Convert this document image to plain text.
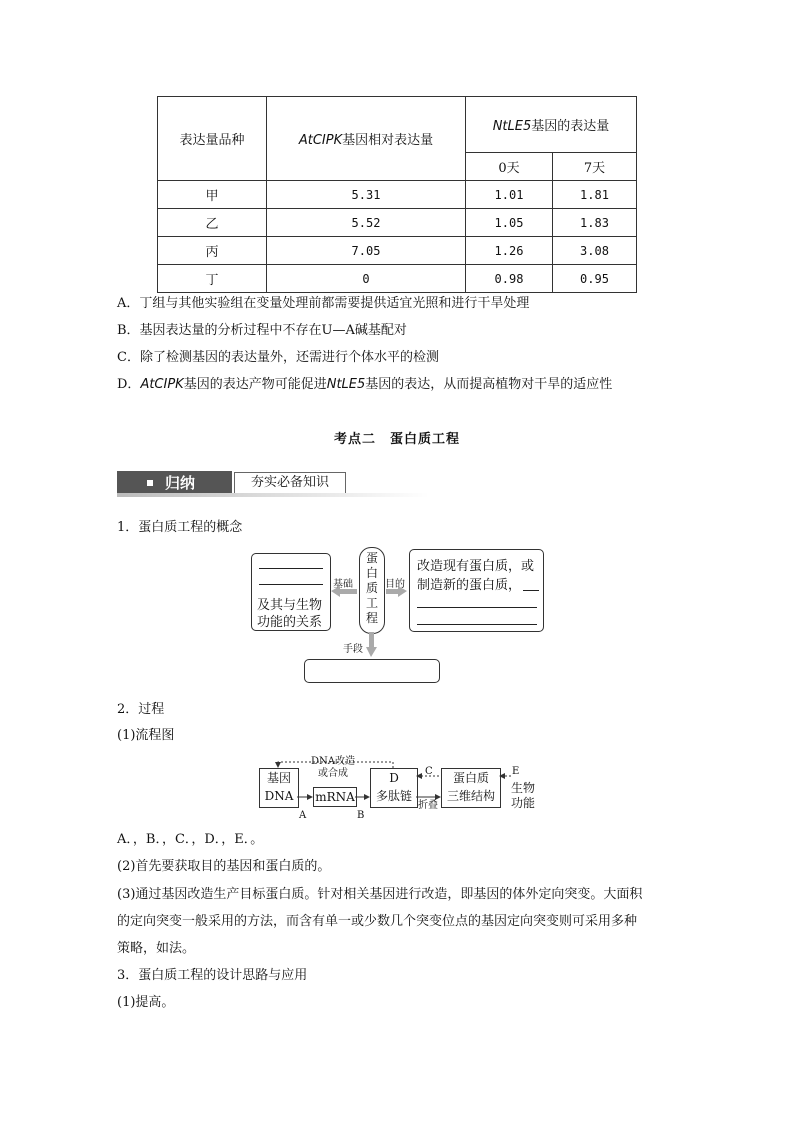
表达量品种	AtCIPK基因相对表达量	NtLE5基因的表达量	
		0天	7天
甲	5.31	1.01	1.81
乙	5.52	1.05	1.83
丙	7.05	1.26	3.08
丁	0	0.98	0.95
A．丁组与其他实验组在变量处理前都需要提供适宜光照和进行干旱处理
B．基因表达量的分析过程中不存在U—A碱基配对
C．除了检测基因的表达量外，还需进行个体水平的检测
D．AtCIPK基因的表达产物可能促进NtLE5基因的表达，从而提高植物对干旱的适应性
考点二　蛋白质工程
归纳	夯实必备知识
1．蛋白质工程的概念
及其与生物
功能的关系
蛋
白
质
工
程
基础	目的
手段
改造现有蛋白质，或
制造新的蛋白质，
2．过程
(1)流程图
基因
DNA	mRNA
D
多肽链
蛋白质
三维结构
DNA改造
或合成
A	B
C	E
折叠
生物
功能
A．，B．，C．，D．，E．。
(2)首先要获取目的基因和蛋白质的。
(3)通过基因改造生产目标蛋白质。针对相关基因进行改造，即基因的体外定向突变。大面积
的定向突变一般采用的方法，而含有单一或少数几个突变位点的基因定向突变则可采用多种
策略，如法。
3．蛋白质工程的设计思路与应用
(1)提高。
